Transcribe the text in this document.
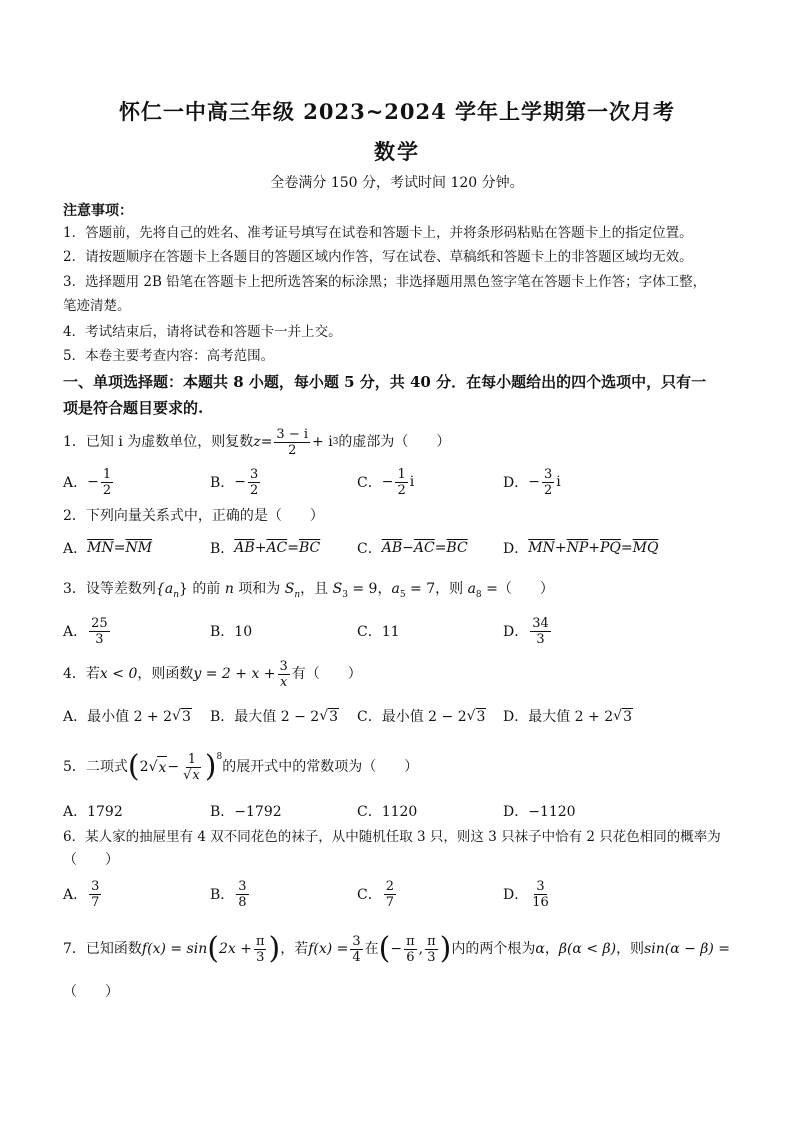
怀仁一中高三年级 2023~2024 学年上学期第一次月考
数学
全卷满分 150 分，考试时间 120 分钟。
注意事项：
1．答题前，先将自己的姓名、准考证号填写在试卷和答题卡上，并将条形码粘贴在答题卡上的指定位置。
2．请按题顺序在答题卡上各题目的答题区域内作答，写在试卷、草稿纸和答题卡上的非答题区域均无效。
3．选择题用 2B 铅笔在答题卡上把所选答案的标涂黑；非选择题用黑色签字笔在答题卡上作答；字体工整，
笔迹清楚。
4．考试结束后，请将试卷和答题卡一并上交。
5．本卷主要考查内容：高考范围。
一、单项选择题：本题共 8 小题，每小题 5 分，共 40 分．在每小题给出的四个选项中，只有一
项是符合题目要求的.
1．已知 i 为虚数单位，则复数 $z = \frac{3 - i}{2} + i$ 3 的虚部为（　　）
A． − $\frac{1}{2}$	B． − $\frac{3}{2}$	C． − $\frac{1}{2}$ i	D． − $\frac{3}{2}$ i
2．下列向量关系式中，正确的是（　　）
A． $\overline{MN} = \overline{NM}$	B． $\overline{AB} + \overline{AC} = \overline{BC}$	C． $\overline{AB} - \overline{AC} = \overline{BC}$	D． $\overline{MN} + \overline{NP} + \overline{PQ} = \overline{MQ}$
3．设等差数列$\{a_n\}$ 的前 n 项和为 $S_n$，且 $S_3 = 9$，$a_5 = 7$，则 $a_8$ =（　　）
A． $\frac{25}{3}$	B．10	C．11	D． $\frac{34}{3}$
4．若 x < 0 ，则函数 $y = 2 + x + \frac{3}{x}$ 有（　　）
A． 最小值 2 + 2 √ 3 B． 最大值 2 − 2 √ 3 C． 最小值 2 − 2 √ 3 D． 最大值 2 + 2 √ 3
5．二项式 ( 2 √ $x - \frac{1}{√x}$ ) 8
的展开式中的常数项为（　　）
A．1792	B．−1792	C．1120	D．−1120
6．某人家的抽屉里有 4 双不同花色的袜子，从中随机任取 3 只，则这 3 只袜子中恰有 2 只花色相同的概率为
（　　）
A． $\frac{3}{7}$	B． $\frac{3}{8}$	C． $\frac{2}{7}$	D． $\frac{3}{16}$
7．已知函数 f(x) = sin ( $2x + \frac{\pi}{3}$ ) ，若 $f(x) = \frac{3}{4}$ 在 ( − $\frac{\pi}{6}$ , $\frac{\pi}{3}$ ) 内的两个根为 α ， β(α < β) ，则 sin(α − β) =
（　　）
